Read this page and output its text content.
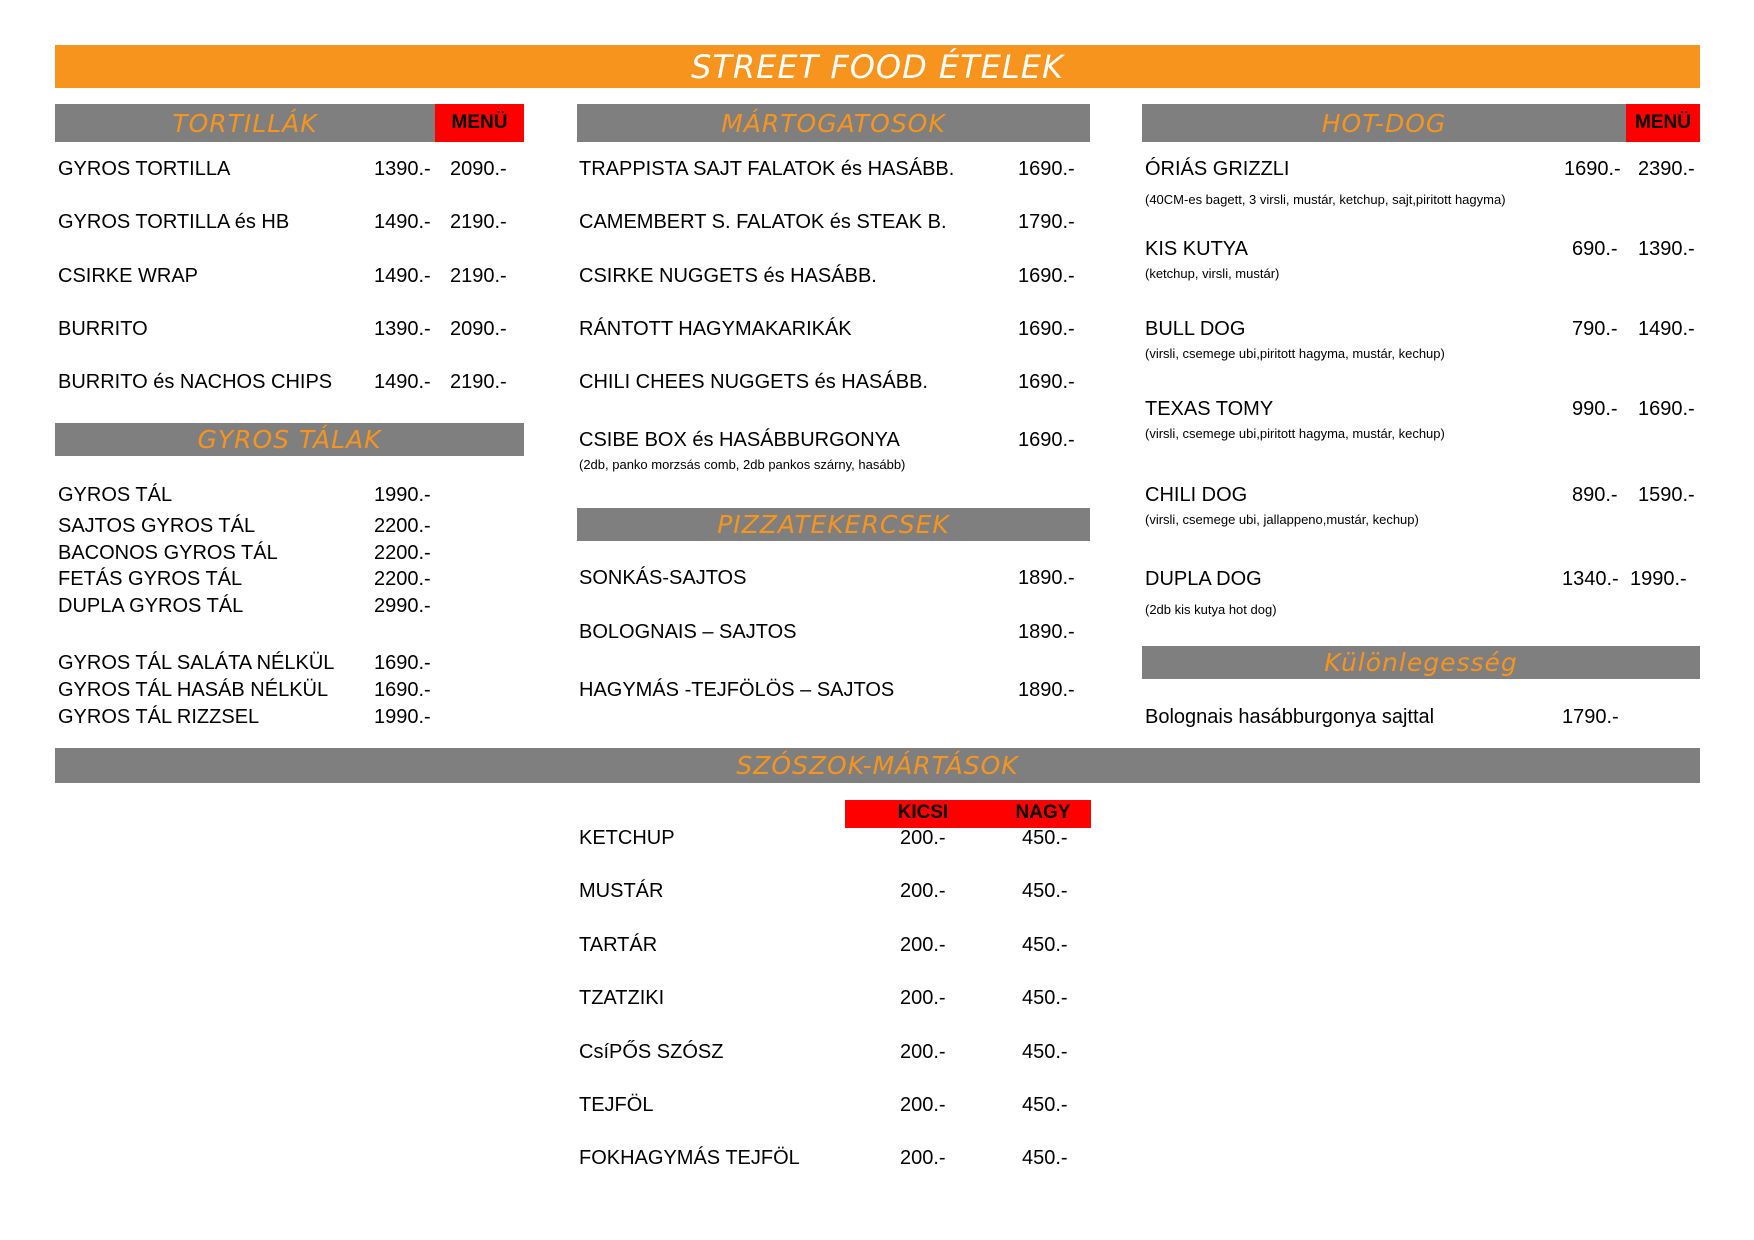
STREET FOOD ÉTELEK
TORTILLÁK	MENÜ
GYROS TORTILLA	1390.- 2090.-
GYROS TORTILLA és HB	1490.- 2190.-
CSIRKE WRAP	1490.- 2190.-
BURRITO	1390.- 2090.-
BURRITO és NACHOS CHIPS 1490.- 2190.-
GYROS TÁLAK
GYROS TÁL	1990.-
SAJTOS GYROS TÁL	2200.-
BACONOS GYROS TÁL	2200.-
FETÁS GYROS TÁL	2200.-
DUPLA GYROS TÁL	2990.-
GYROS TÁL SALÁTA NÉLKÜL 1690.-
GYROS TÁL HASÁB NÉLKÜL 1690.-
GYROS TÁL RIZZSEL	1990.-
MÁRTOGATOSOK
TRAPPISTA SAJT FALATOK és HASÁBB.	1690.-
CAMEMBERT S. FALATOK és STEAK B.	1790.-
CSIRKE NUGGETS és HASÁBB.	1690.-
RÁNTOTT HAGYMAKARIKÁK	1690.-
CHILI CHEES NUGGETS és HASÁBB.	1690.-
CSIBE BOX és HASÁBBURGONYA	1690.-
(2db, panko morzsás comb, 2db pankos szárny, hasább)
PIZZATEKERCSEK
SONKÁS-SAJTOS	1890.-
BOLOGNAIS – SAJTOS	1890.-
HAGYMÁS -TEJFÖLÖS – SAJTOS	1890.-
HOT-DOG	MENÜ
ÓRIÁS GRIZZLI	1690.- 2390.-
(40CM-es bagett, 3 virsli, mustár, ketchup, sajt,piritott hagyma)
KIS KUTYA	690.- 1390.-
(ketchup, virsli, mustár)
BULL DOG	790.- 1490.-
(virsli, csemege ubi,piritott hagyma, mustár, kechup)
TEXAS TOMY	990.- 1690.-
(virsli, csemege ubi,piritott hagyma, mustár, kechup)
CHILI DOG	890.- 1590.-
(virsli, csemege ubi, jallappeno,mustár, kechup)
DUPLA DOG	1340.- 1990.-
(2db kis kutya hot dog)
Különlegesség
Bolognais hasábburgonya sajttal	1790.-
SZÓSZOK-MÁRTÁSOK
KICSI	NAGY
KETCHUP	200.-	450.-
MUSTÁR	200.-	450.-
TARTÁR	200.-	450.-
TZATZIKI	200.-	450.-
CsíPŐS SZÓSZ	200.-	450.-
TEJFÖL	200.-	450.-
FOKHAGYMÁS TEJFÖL	200.-	450.-
